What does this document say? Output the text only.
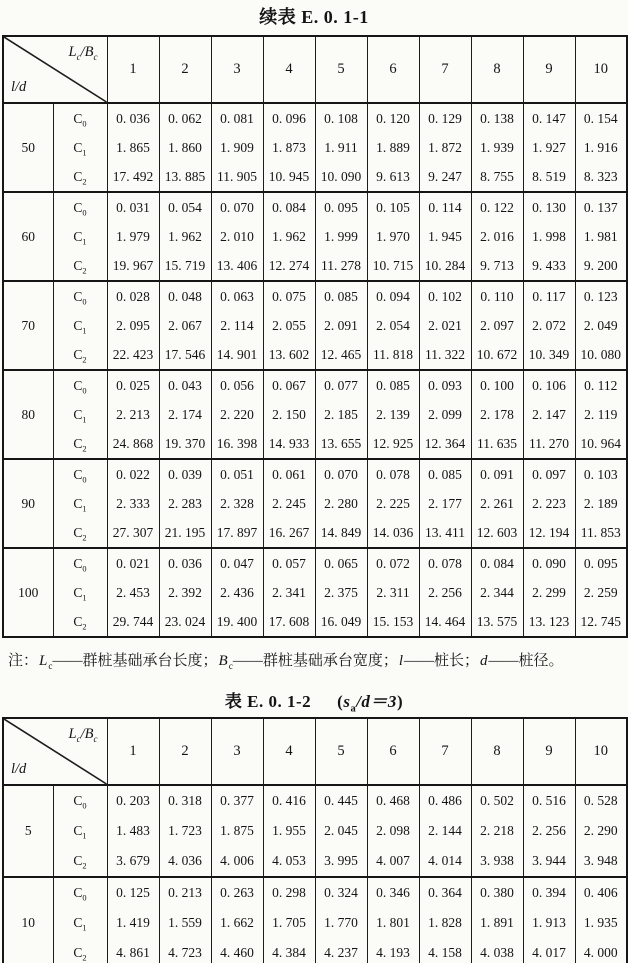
续表 E. 0. 1-1
$L_c/B_c$
l/d		1	2	3	4	5	6	7	8	9	10
50	$C_0$	0. 036	0. 062	0. 081	0. 096	0. 108	0. 120	0. 129	0. 138	0. 147	0. 154
	$C_1$	1. 865	1. 860	1. 909	1. 873	1. 911	1. 889	1. 872	1. 939	1. 927	1. 916
	$C_2$	17. 492	13. 885	11. 905	10. 945	10. 090	9. 613	9. 247	8. 755	8. 519	8. 323
60	$C_0$	0. 031	0. 054	0. 070	0. 084	0. 095	0. 105	0. 114	0. 122	0. 130	0. 137
	$C_1$	1. 979	1. 962	2. 010	1. 962	1. 999	1. 970	1. 945	2. 016	1. 998	1. 981
	$C_2$	19. 967	15. 719	13. 406	12. 274	11. 278	10. 715	10. 284	9. 713	9. 433	9. 200
70	$C_0$	0. 028	0. 048	0. 063	0. 075	0. 085	0. 094	0. 102	0. 110	0. 117	0. 123
	$C_1$	2. 095	2. 067	2. 114	2. 055	2. 091	2. 054	2. 021	2. 097	2. 072	2. 049
	$C_2$	22. 423	17. 546	14. 901	13. 602	12. 465	11. 818	11. 322	10. 672	10. 349	10. 080
80	$C_0$	0. 025	0. 043	0. 056	0. 067	0. 077	0. 085	0. 093	0. 100	0. 106	0. 112
	$C_1$	2. 213	2. 174	2. 220	2. 150	2. 185	2. 139	2. 099	2. 178	2. 147	2. 119
	$C_2$	24. 868	19. 370	16. 398	14. 933	13. 655	12. 925	12. 364	11. 635	11. 270	10. 964
90	$C_0$	0. 022	0. 039	0. 051	0. 061	0. 070	0. 078	0. 085	0. 091	0. 097	0. 103
	$C_1$	2. 333	2. 283	2. 328	2. 245	2. 280	2. 225	2. 177	2. 261	2. 223	2. 189
	$C_2$	27. 307	21. 195	17. 897	16. 267	14. 849	14. 036	13. 411	12. 603	12. 194	11. 853
100	$C_0$	0. 021	0. 036	0. 047	0. 057	0. 065	0. 072	0. 078	0. 084	0. 090	0. 095
	$C_1$	2. 453	2. 392	2. 436	2. 341	2. 375	2. 311	2. 256	2. 344	2. 299	2. 259
	$C_2$	29. 744	23. 024	19. 400	17. 608	16. 049	15. 153	14. 464	13. 575	13. 123	12. 745
注：$L_c——$群桩基础承台长度；$B_c——$群桩基础承台宽度；l——桩长；d——桩径。
表 E. 0. 1-2 $(s_a/d=3)$
$L_c/B_c$
l/d		1	2	3	4	5	6	7	8	9	10
5	$C_0$	0. 203	0. 318	0. 377	0. 416	0. 445	0. 468	0. 486	0. 502	0. 516	0. 528
	$C_1$	1. 483	1. 723	1. 875	1. 955	2. 045	2. 098	2. 144	2. 218	2. 256	2. 290
	$C_2$	3. 679	4. 036	4. 006	4. 053	3. 995	4. 007	4. 014	3. 938	3. 944	3. 948
10	$C_0$	0. 125	0. 213	0. 263	0. 298	0. 324	0. 346	0. 364	0. 380	0. 394	0. 406
	$C_1$	1. 419	1. 559	1. 662	1. 705	1. 770	1. 801	1. 828	1. 891	1. 913	1. 935
	$C_2$	4. 861	4. 723	4. 460	4. 384	4. 237	4. 193	4. 158	4. 038	4. 017	4. 000
